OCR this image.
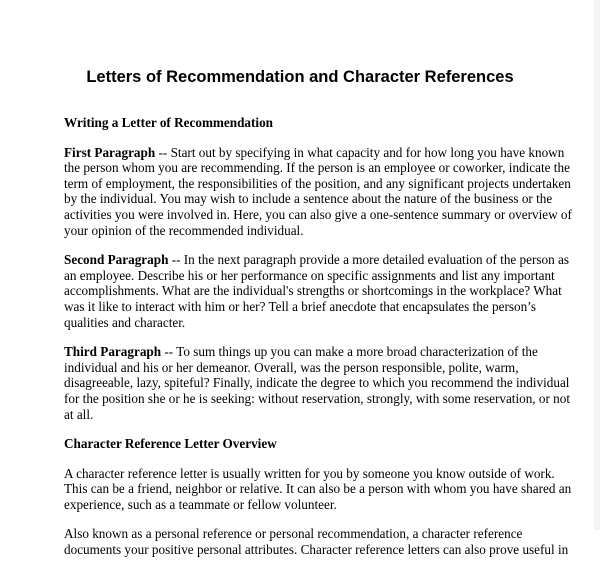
Letters of Recommendation and Character References
Writing a Letter of Recommendation
First Paragraph -- Start out by specifying in what capacity and for how long you have known
the person whom you are recommending. If the person is an employee or coworker, indicate the
term of employment, the responsibilities of the position, and any significant projects undertaken
by the individual. You may wish to include a sentence about the nature of the business or the
activities you were involved in. Here, you can also give a one-sentence summary or overview of
your opinion of the recommended individual.
Second Paragraph -- In the next paragraph provide a more detailed evaluation of the person as
an employee. Describe his or her performance on specific assignments and list any important
accomplishments. What are the individual's strengths or shortcomings in the workplace? What
was it like to interact with him or her? Tell a brief anecdote that encapsulates the person’s
qualities and character.
Third Paragraph -- To sum things up you can make a more broad characterization of the
individual and his or her demeanor. Overall, was the person responsible, polite, warm,
disagreeable, lazy, spiteful? Finally, indicate the degree to which you recommend the individual
for the position she or he is seeking: without reservation, strongly, with some reservation, or not
at all.
Character Reference Letter Overview
A character reference letter is usually written for you by someone you know outside of work.
This can be a friend, neighbor or relative. It can also be a person with whom you have shared an
experience, such as a teammate or fellow volunteer.
Also known as a personal reference or personal recommendation, a character reference
documents your positive personal attributes. Character reference letters can also prove useful in
